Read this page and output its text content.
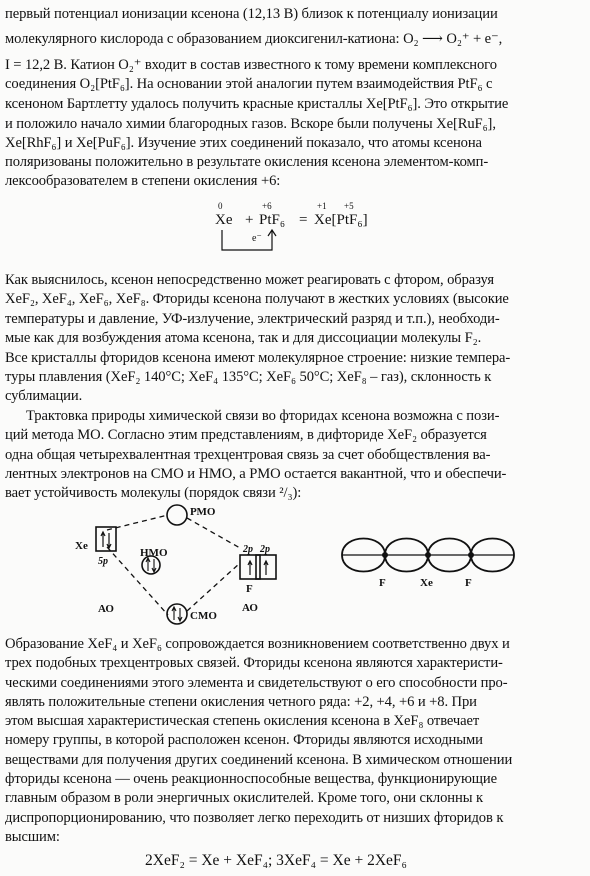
первый потенциал ионизации ксенона (12,13 В) близок к потенциалу ионизации
молекулярного кислорода с образованием диоксигенил-катиона: O₂ ⟶ O₂⁺ + e⁻,
I = 12,2 В. Катион O₂⁺ входит в состав известного к тому времени комплексного
соединения O₂[PtF₆]. На основании этой аналогии путем взаимодействия PtF₆ с
ксеноном Бартлетту удалось получить красные кристаллы Xe[PtF₆]. Это открытие
и положило начало химии благородных газов. Вскоре были получены Xe[RuF₆],
Xe[RhF₆] и Xe[PuF₆]. Изучение этих соединений показало, что атомы ксенона
поляризованы положительно в результате окисления ксенона элементом-комп-
лексообразователем в степени окисления +6:
0	+6	+1 +5
Xe + PtF₆ = Xe[PtF₆]
e⁻
Как выяснилось, ксенон непосредственно может реагировать с фтором, образуя
XeF₂, XeF₄, XeF₆, XeF₈. Фториды ксенона получают в жестких условиях (высокие
температуры и давление, УФ-излучение, электрический разряд и т.п.), необходи-
мые как для возбуждения атома ксенона, так и для диссоциации молекулы F₂.
Все кристаллы фторидов ксенона имеют молекулярное строение: низкие темпера-
туры плавления (XeF₂ 140°C; XeF₄ 135°C; XeF₆ 50°C; XeF₈ – газ), склонность к
сублимации.
Трактовка природы химической связи во фторидах ксенона возможна с пози-
ций метода МО. Согласно этим представлениям, в дифториде XeF₂ образуется
одна общая четырехвалентная трехцентровая связь за счет обобществления ва-
лентных электронов на СМО и НМО, а РМО остается вакантной, что и обеспечи-
вает устойчивость молекулы (порядок связи ²/₃):
Xe
5p
РМО
НМО
СМО
АО	АО
F
2p 2p
F	Xe	F
Образование XeF₄ и XeF₆ сопровождается возникновением соответственно двух и
трех подобных трехцентровых связей. Фториды ксенона являются характеристи-
ческими соединениями этого элемента и свидетельствуют о его способности про-
являть положительные степени окисления четного ряда: +2, +4, +6 и +8. При
этом высшая характеристическая степень окисления ксенона в XeF₈ отвечает
номеру группы, в которой расположен ксенон. Фториды являются исходными
веществами для получения других соединений ксенона. В химическом отношении
фториды ксенона — очень реакционноспособные вещества, функционирующие
главным образом в роли энергичных окислителей. Кроме того, они склонны к
диспропорционированию, что позволяет легко переходить от низших фторидов к
высшим:
2XeF₂ = Xe + XeF₄; 3XeF₄ = Xe + 2XeF₆
